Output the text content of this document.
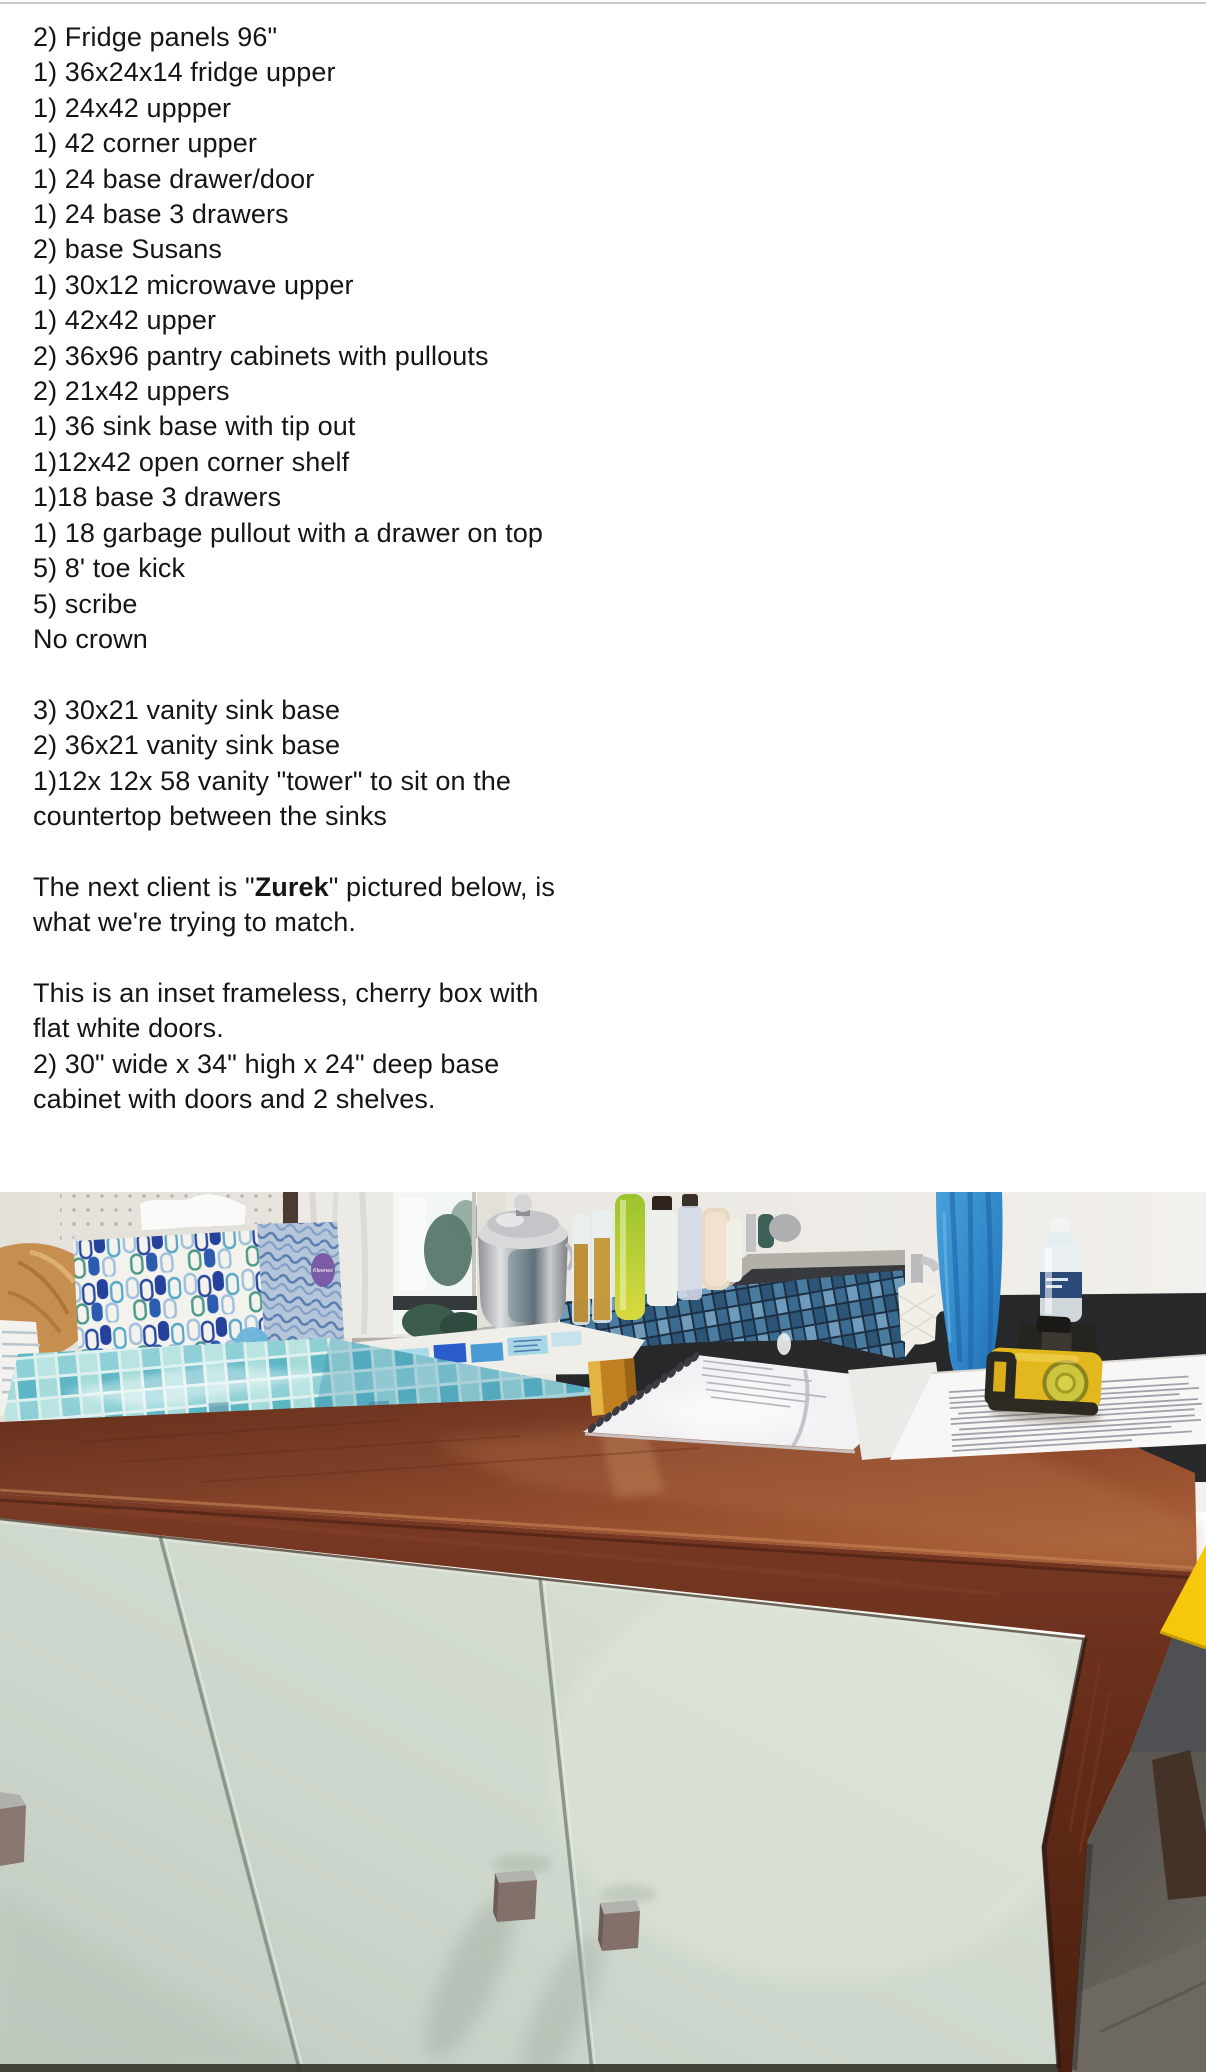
2) Fridge panels 96"
1) 36x24x14 fridge upper
1) 24x42 uppper
1) 42 corner upper
1) 24 base drawer/door
1) 24 base 3 drawers
2) base Susans
1) 30x12 microwave upper
1) 42x42 upper
2) 36x96 pantry cabinets with pullouts
2) 21x42 uppers
1) 36 sink base with tip out
1)12x42 open corner shelf
1)18 base 3 drawers
1) 18 garbage pullout with a drawer on top
5) 8' toe kick
5) scribe
No crown
3) 30x21 vanity sink base
2) 36x21 vanity sink base
1)12x 12x 58 vanity "tower" to sit on the
countertop between the sinks
The next client is "Zurek" pictured below, is
what we're trying to match.
This is an inset frameless, cherry box with
flat white doors.
2) 30" wide x 34" high x 24" deep base
cabinet with doors and 2 shelves.
Kleenex
